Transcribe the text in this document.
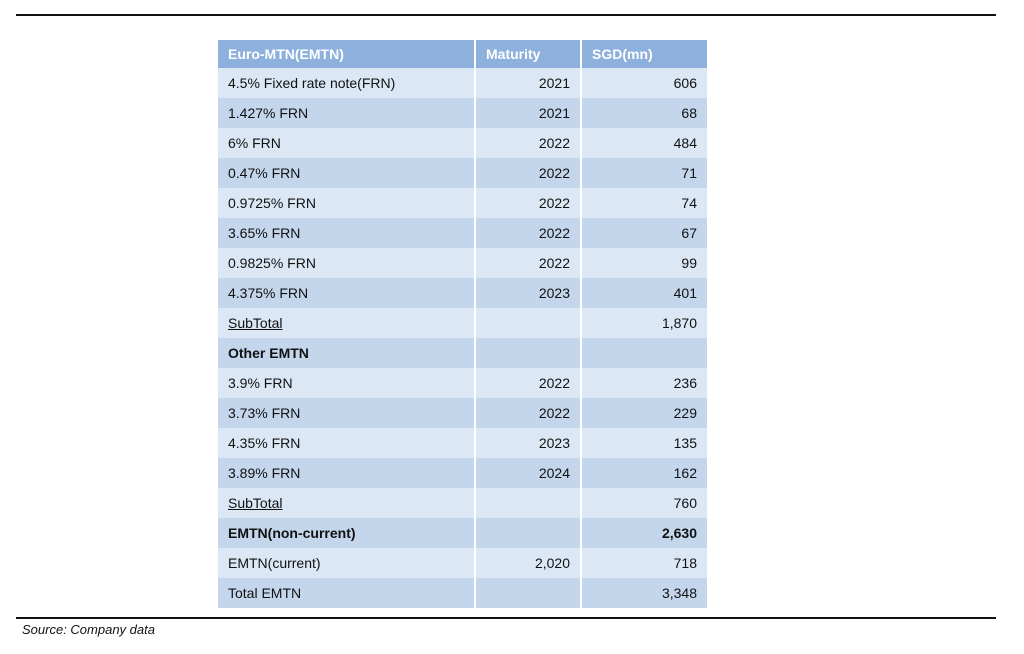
Euro-MTN(EMTN)	Maturity	SGD(mn)
4.5% Fixed rate note(FRN)	2021	606
1.427% FRN	2021	68
6% FRN	2022	484
0.47% FRN	2022	71
0.9725% FRN	2022	74
3.65% FRN	2022	67
0.9825% FRN	2022	99
4.375% FRN	2023	401
SubTotal		1,870
Other EMTN		
3.9% FRN	2022	236
3.73% FRN	2022	229
4.35% FRN	2023	135
3.89% FRN	2024	162
SubTotal		760
EMTN(non-current)		2,630
EMTN(current)	2,020	718
Total EMTN		3,348
Source: Company data
